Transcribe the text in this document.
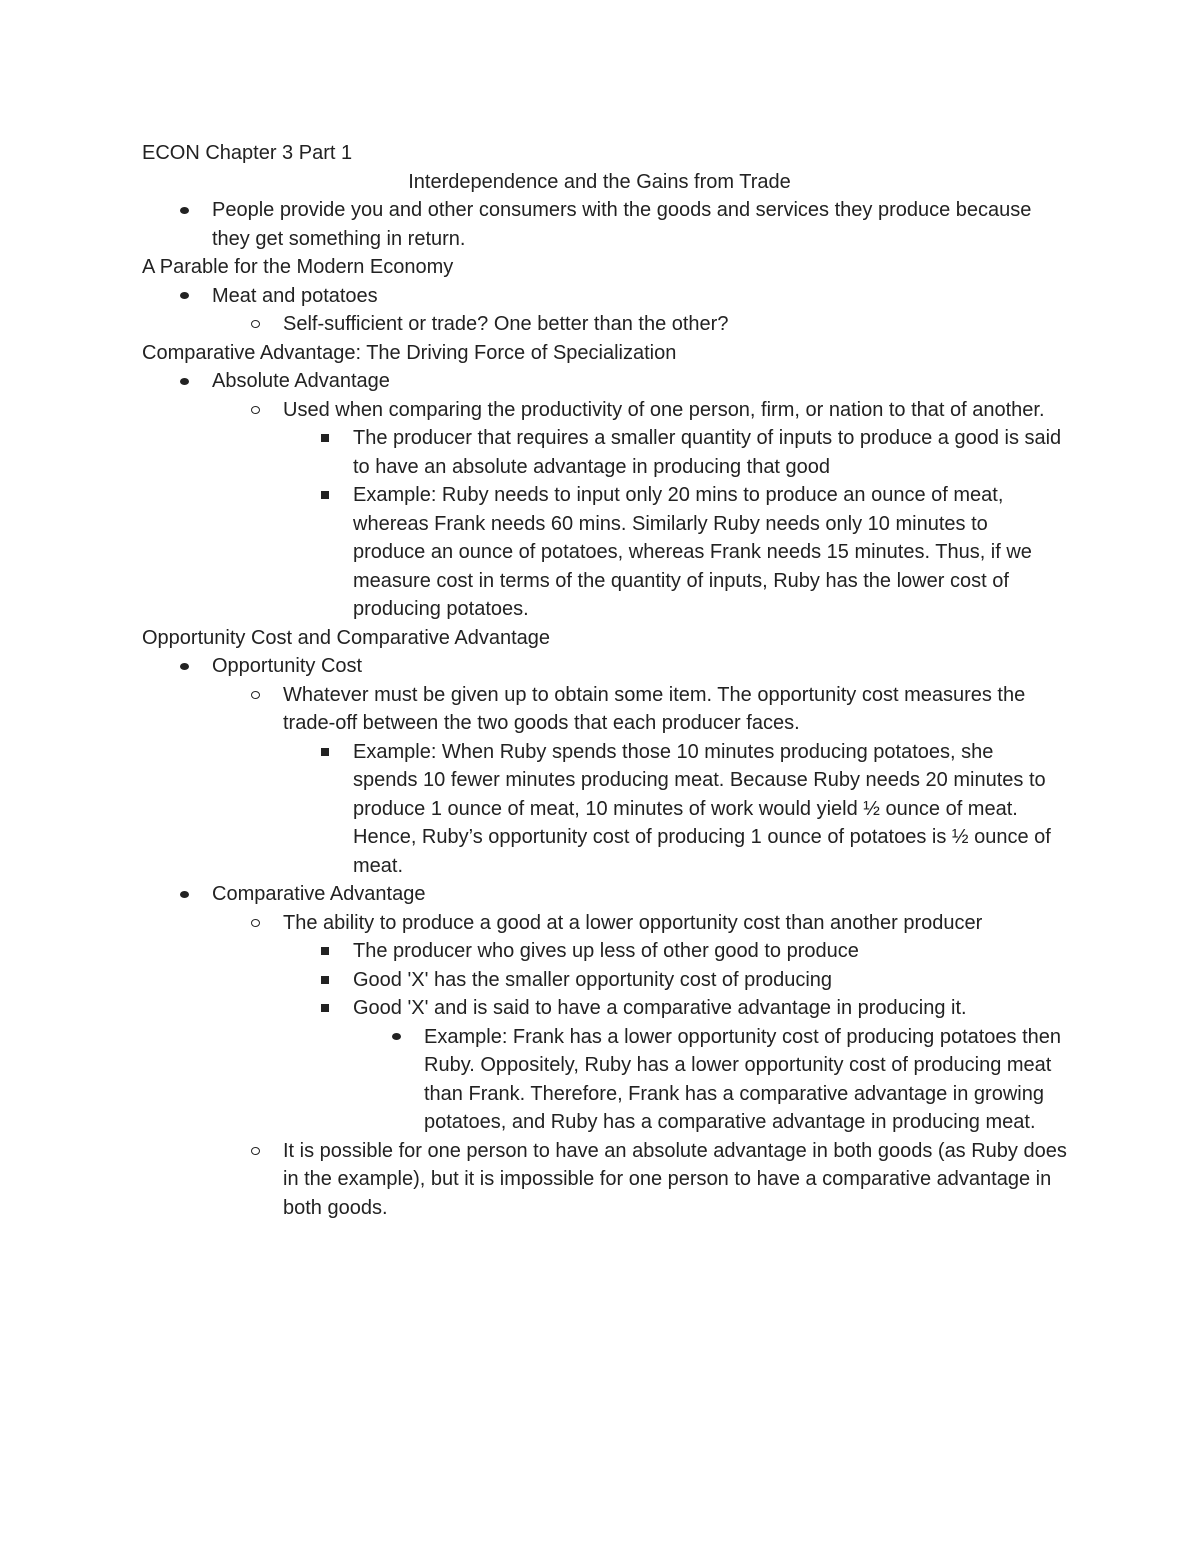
ECON Chapter 3 Part 1
Interdependence and the Gains from Trade
People provide you and other consumers with the goods and services they produce because they get something in return.
A Parable for the Modern Economy
Meat and potatoes
Self-sufficient or trade? One better than the other?
Comparative Advantage: The Driving Force of Specialization
Absolute Advantage
Used when comparing the productivity of one person, firm, or nation to that of another.
The producer that requires a smaller quantity of inputs to produce a good is said to have an absolute advantage in producing that good
Example: Ruby needs to input only 20 mins to produce an ounce of meat, whereas Frank needs 60 mins. Similarly Ruby needs only 10 minutes to produce an ounce of potatoes, whereas Frank needs 15 minutes. Thus, if we measure cost in terms of the quantity of inputs, Ruby has the lower cost of producing potatoes.
Opportunity Cost and Comparative Advantage
Opportunity Cost
Whatever must be given up to obtain some item. The opportunity cost measures the trade-off between the two goods that each producer faces.
Example: When Ruby spends those 10 minutes producing potatoes, she spends 10 fewer minutes producing meat. Because Ruby needs 20 minutes to produce 1 ounce of meat, 10 minutes of work would yield ½ ounce of meat. Hence, Ruby’s opportunity cost of producing 1 ounce of potatoes is ½ ounce of meat.
Comparative Advantage
The ability to produce a good at a lower opportunity cost than another producer
The producer who gives up less of other good to produce
Good 'X' has the smaller opportunity cost of producing
Good 'X' and is said to have a comparative advantage in producing it.
Example: Frank has a lower opportunity cost of producing potatoes then Ruby. Oppositely, Ruby has a lower opportunity cost of producing meat than Frank. Therefore, Frank has a comparative advantage in growing potatoes, and Ruby has a comparative advantage in producing meat.
It is possible for one person to have an absolute advantage in both goods (as Ruby does in the example), but it is impossible for one person to have a comparative advantage in both goods.
